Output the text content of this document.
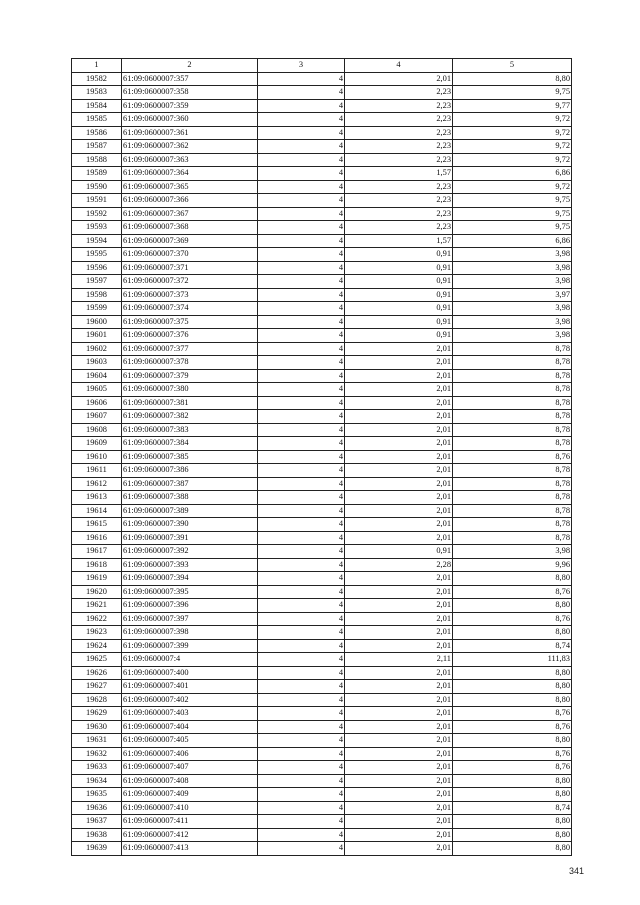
1	2	3	4	5
19582	61:09:0600007:357	4	2,01	8,80
19583	61:09:0600007:358	4	2,23	9,75
19584	61:09:0600007:359	4	2,23	9,77
19585	61:09:0600007:360	4	2,23	9,72
19586	61:09:0600007:361	4	2,23	9,72
19587	61:09:0600007:362	4	2,23	9,72
19588	61:09:0600007:363	4	2,23	9,72
19589	61:09:0600007:364	4	1,57	6,86
19590	61:09:0600007:365	4	2,23	9,72
19591	61:09:0600007:366	4	2,23	9,75
19592	61:09:0600007:367	4	2,23	9,75
19593	61:09:0600007:368	4	2,23	9,75
19594	61:09:0600007:369	4	1,57	6,86
19595	61:09:0600007:370	4	0,91	3,98
19596	61:09:0600007:371	4	0,91	3,98
19597	61:09:0600007:372	4	0,91	3,98
19598	61:09:0600007:373	4	0,91	3,97
19599	61:09:0600007:374	4	0,91	3,98
19600	61:09:0600007:375	4	0,91	3,98
19601	61:09:0600007:376	4	0,91	3,98
19602	61:09:0600007:377	4	2,01	8,78
19603	61:09:0600007:378	4	2,01	8,78
19604	61:09:0600007:379	4	2,01	8,78
19605	61:09:0600007:380	4	2,01	8,78
19606	61:09:0600007:381	4	2,01	8,78
19607	61:09:0600007:382	4	2,01	8,78
19608	61:09:0600007:383	4	2,01	8,78
19609	61:09:0600007:384	4	2,01	8,78
19610	61:09:0600007:385	4	2,01	8,76
19611	61:09:0600007:386	4	2,01	8,78
19612	61:09:0600007:387	4	2,01	8,78
19613	61:09:0600007:388	4	2,01	8,78
19614	61:09:0600007:389	4	2,01	8,78
19615	61:09:0600007:390	4	2,01	8,78
19616	61:09:0600007:391	4	2,01	8,78
19617	61:09:0600007:392	4	0,91	3,98
19618	61:09:0600007:393	4	2,28	9,96
19619	61:09:0600007:394	4	2,01	8,80
19620	61:09:0600007:395	4	2,01	8,76
19621	61:09:0600007:396	4	2,01	8,80
19622	61:09:0600007:397	4	2,01	8,76
19623	61:09:0600007:398	4	2,01	8,80
19624	61:09:0600007:399	4	2,01	8,74
19625	61:09:0600007:4	4	2,11	111,83
19626	61:09:0600007:400	4	2,01	8,80
19627	61:09:0600007:401	4	2,01	8,80
19628	61:09:0600007:402	4	2,01	8,80
19629	61:09:0600007:403	4	2,01	8,76
19630	61:09:0600007:404	4	2,01	8,76
19631	61:09:0600007:405	4	2,01	8,80
19632	61:09:0600007:406	4	2,01	8,76
19633	61:09:0600007:407	4	2,01	8,76
19634	61:09:0600007:408	4	2,01	8,80
19635	61:09:0600007:409	4	2,01	8,80
19636	61:09:0600007:410	4	2,01	8,74
19637	61:09:0600007:411	4	2,01	8,80
19638	61:09:0600007:412	4	2,01	8,80
19639	61:09:0600007:413	4	2,01	8,80
341
